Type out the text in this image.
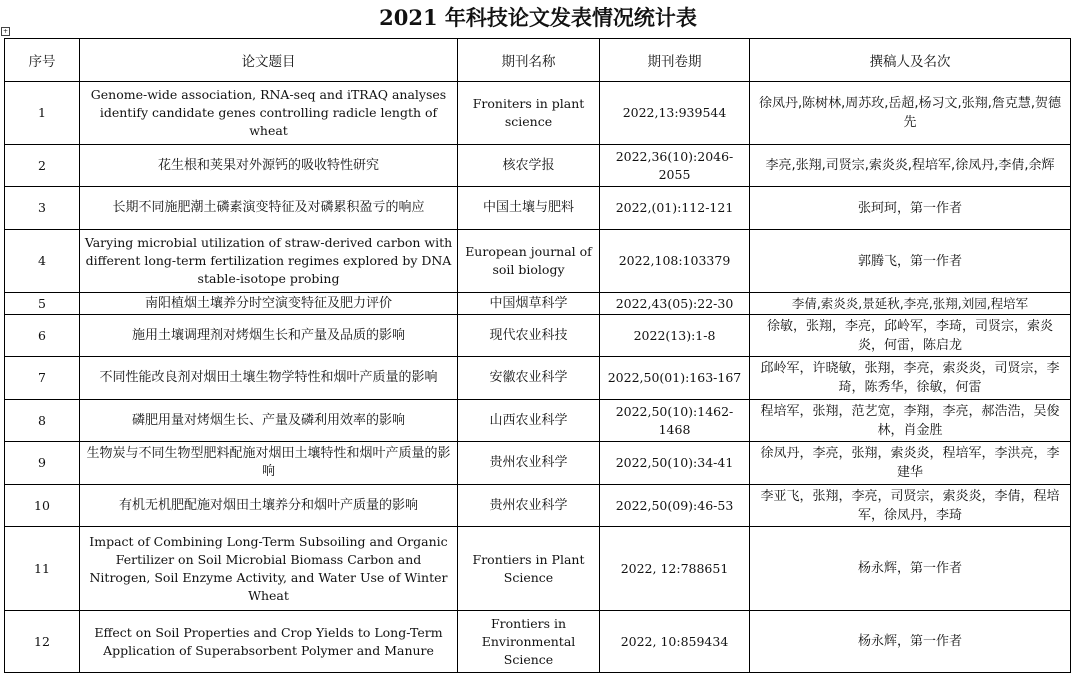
2021 年科技论文发表情况统计表
+
序号	论文题目	期刊名称	期刊卷期	撰稿人及名次
1	Genome-wide association, RNA-seq and iTRAQ analyses identify candidate genes controlling radicle length of wheat	Froniters in plant science	2022,13:939544	徐凤丹,陈树林,周苏玫,岳超,杨习文,张翔,詹克慧,贺德先
2	花生根和荚果对外源钙的吸收特性研究	核农学报	2022,36(10):2046-2055	李亮,张翔,司贤宗,索炎炎,程培军,徐凤丹,李倩,余辉
3	长期不同施肥潮土磷素演变特征及对磷累积盈亏的响应	中国土壤与肥料	2022,(01):112-121	张珂珂，第一作者
4	Varying microbial utilization of straw-derived carbon with different long-term fertilization regimes explored by DNA stable-isotope probing	European journal of soil biology	2022,108:103379	郭腾飞，第一作者
5	南阳植烟土壤养分时空演变特征及肥力评价	中国烟草科学	2022,43(05):22-30	李倩,索炎炎,景延秋,李亮,张翔,刘园,程培军
6	施用土壤调理剂对烤烟生长和产量及品质的影响	现代农业科技	2022(13):1-8	徐敏，张翔，李亮，邱岭军，李琦，司贤宗，索炎炎，何雷，陈启龙
7	不同性能改良剂对烟田土壤生物学特性和烟叶产质量的影响	安徽农业科学	2022,50(01):163-167	邱岭军，许晓敏，张翔，李亮，索炎炎，司贤宗，李琦，陈秀华，徐敏，何雷
8	磷肥用量对烤烟生长、产量及磷利用效率的影响	山西农业科学	2022,50(10):1462-1468	程培军，张翔，范艺宽，李翔，李亮，郝浩浩，吴俊林，肖金胜
9	生物炭与不同生物型肥料配施对烟田土壤特性和烟叶产质量的影响	贵州农业科学	2022,50(10):34-41	徐凤丹，李亮，张翔，索炎炎，程培军，李洪亮，李建华
10	有机无机肥配施对烟田土壤养分和烟叶产质量的影响	贵州农业科学	2022,50(09):46-53	李亚飞，张翔，李亮，司贤宗，索炎炎，李倩，程培军，徐凤丹，李琦
11	Impact of Combining Long-Term Subsoiling and Organic Fertilizer on Soil Microbial Biomass Carbon and Nitrogen, Soil Enzyme Activity, and Water Use of Winter Wheat	Frontiers in Plant Science	2022, 12:788651	杨永辉，第一作者
12	Effect on Soil Properties and Crop Yields to Long-Term Application of Superabsorbent Polymer and Manure	Frontiers in Environmental Science	2022, 10:859434	杨永辉，第一作者
